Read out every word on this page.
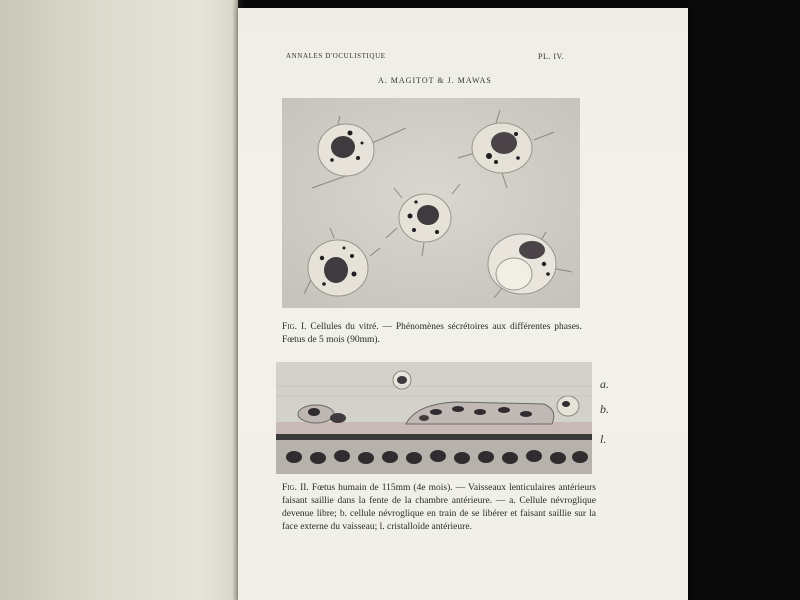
ANNALES D'OCULISTIQUE	PL. IV.
A. MAGITOT & J. MAWAS
Fig. I. Cellules du vitré. — Phénomènes sécrétoires aux différentes phases. Fœtus de 5 mois (90mm).
a.
b.
l.
Fig. II. Fœtus humain de 115mm (4e mois). — Vaisseaux lenticulaires antérieurs faisant saillie dans la fente de la chambre antérieure. — a. Cellule névroglique devenue libre; b. cellule névroglique en train de se libérer et faisant saillie sur la face externe du vaisseau; l. cristalloïde antérieure.
